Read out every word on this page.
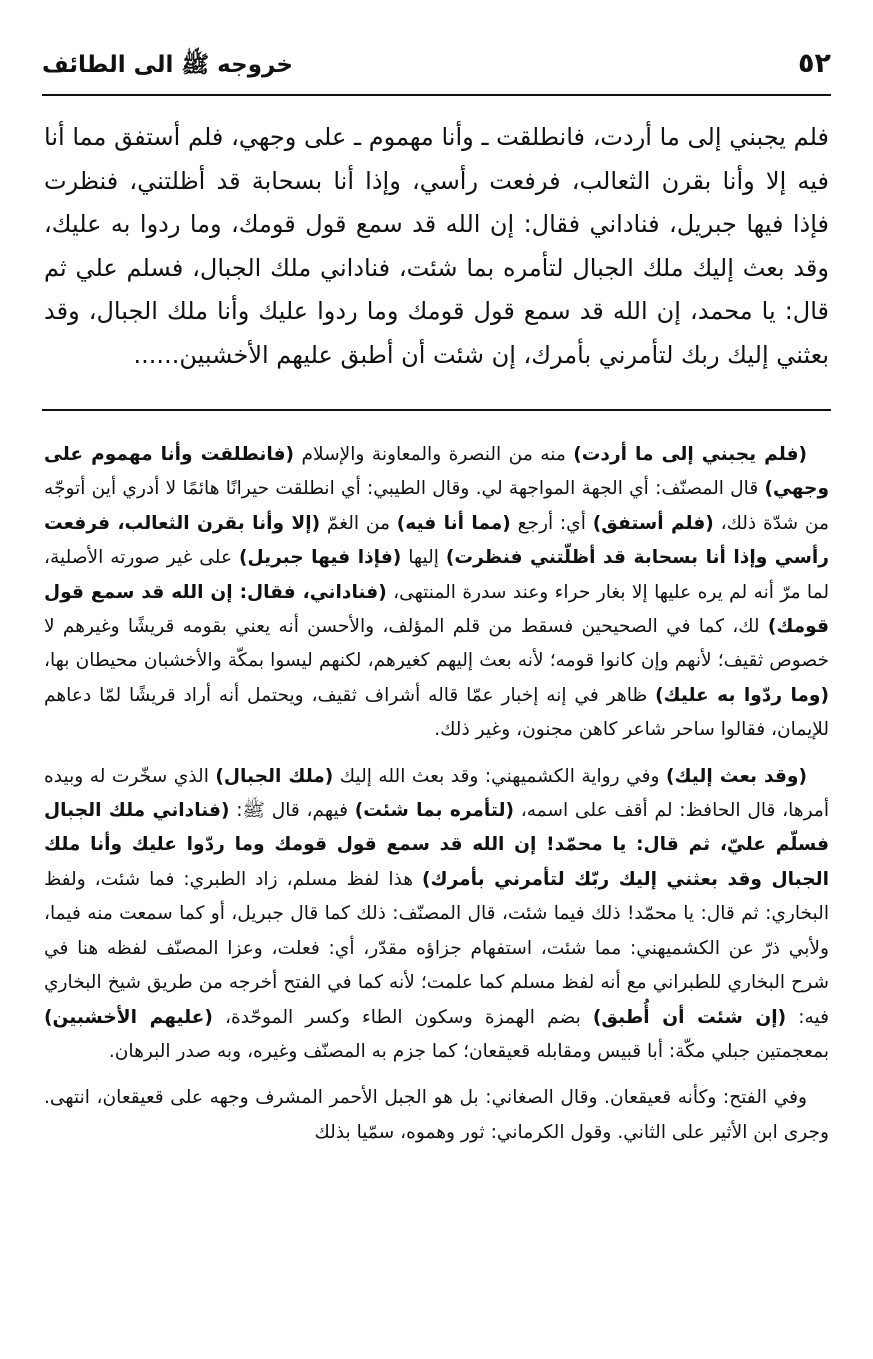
٥٢
خروجه ﷺ الى الطائف
فلم يجبني إلى ما أردت، فانطلقت ـ وأنا مهموم ـ على وجهي، فلم أستفق مما أنا فيه إلا وأنا بقرن الثعالب، فرفعت رأسي، وإذا أنا بسحابة قد أظلتني، فنظرت فإذا فيها جبريل، فناداني فقال: إن الله قد سمع قول قومك، وما ردوا به عليك، وقد بعث إليك ملك الجبال لتأمره بما شئت، فناداني ملك الجبال، فسلم علي ثم قال: يا محمد، إن الله قد سمع قول قومك وما ردوا عليك وأنا ملك الجبال، وقد بعثني إليك ربك لتأمرني بأمرك، إن شئت أن أطبق عليهم الأخشبين......

(فلم يجبني إلى ما أردت) منه من النصرة والمعاونة والإسلام (فانطلقت وأنا مهموم على وجهي) قال المصنّف: أي الجهة المواجهة لي. وقال الطيبي: أي انطلقت حيرانًا هائمًا لا أدري أين أتوجّه من شدّة ذلك، (فلم أستفق) أي: أرجع (مما أنا فيه) من الغمّ (إلا وأنا بقرن الثعالب، فرفعت رأسي وإذا أنا بسحابة قد أظلّتني فنظرت) إليها (فإذا فيها جبريل) على غير صورته الأصلية، لما مرّ أنه لم يره عليها إلا بغار حراء وعند سدرة المنتهى، (فناداني، فقال: إن الله قد سمع قول قومك) لك، كما في الصحيحين فسقط من قلم المؤلف، والأحسن أنه يعني بقومه قريشًا وغيرهم لا خصوص ثقيف؛ لأنهم وإن كانوا قومه؛ لأنه بعث إليهم كغيرهم، لكنهم ليسوا بمكّة والأخشبان محيطان بها، (وما ردّوا به عليك) ظاهر في إنه إخبار عمّا قاله أشراف ثقيف، ويحتمل أنه أراد قريشًا لمّا دعاهم للإيمان، فقالوا ساحر شاعر كاهن مجنون، وغير ذلك.

(وقد بعث إليك) وفي رواية الكشميهني: وقد بعث الله إليك (ملك الجبال) الذي سخّرت له وبيده أمرها، قال الحافظ: لم أقف على اسمه، (لتأمره بما شئت) فيهم، قال ﷺ: (فناداني ملك الجبال فسلّم عليّ، ثم قال: يا محمّد! إن الله قد سمع قول قومك وما ردّوا عليك وأنا ملك الجبال وقد بعثني إليك ربّك لتأمرني بأمرك) هذا لفظ مسلم، زاد الطبري: فما شئت، ولفظ البخاري: ثم قال: يا محمّد! ذلك فيما شئت، قال المصنّف: ذلك كما قال جبريل، أو كما سمعت منه فيما، ولأبي ذرّ عن الكشميهني: مما شئت، استفهام جزاؤه مقدّر، أي: فعلت، وعزا المصنّف لفظه هنا في شرح البخاري للطبراني مع أنه لفظ مسلم كما علمت؛ لأنه كما في الفتح أخرجه من طريق شيخ البخاري فيه: (إن شئت أن أُطبق) بضم الهمزة وسكون الطاء وكسر الموحّدة، (عليهم الأخشبين) بمعجمتين جبلي مكّة: أبا قبيس ومقابله قعيقعان؛ كما جزم به المصنّف وغيره، وبه صدر البرهان.

وفي الفتح: وكأنه قعيقعان. وقال الصغاني: بل هو الجبل الأحمر المشرف وجهه على قعيقعان، انتهى. وجرى ابن الأثير على الثاني. وقول الكرماني: ثور وهموه، سمّيا بذلك
